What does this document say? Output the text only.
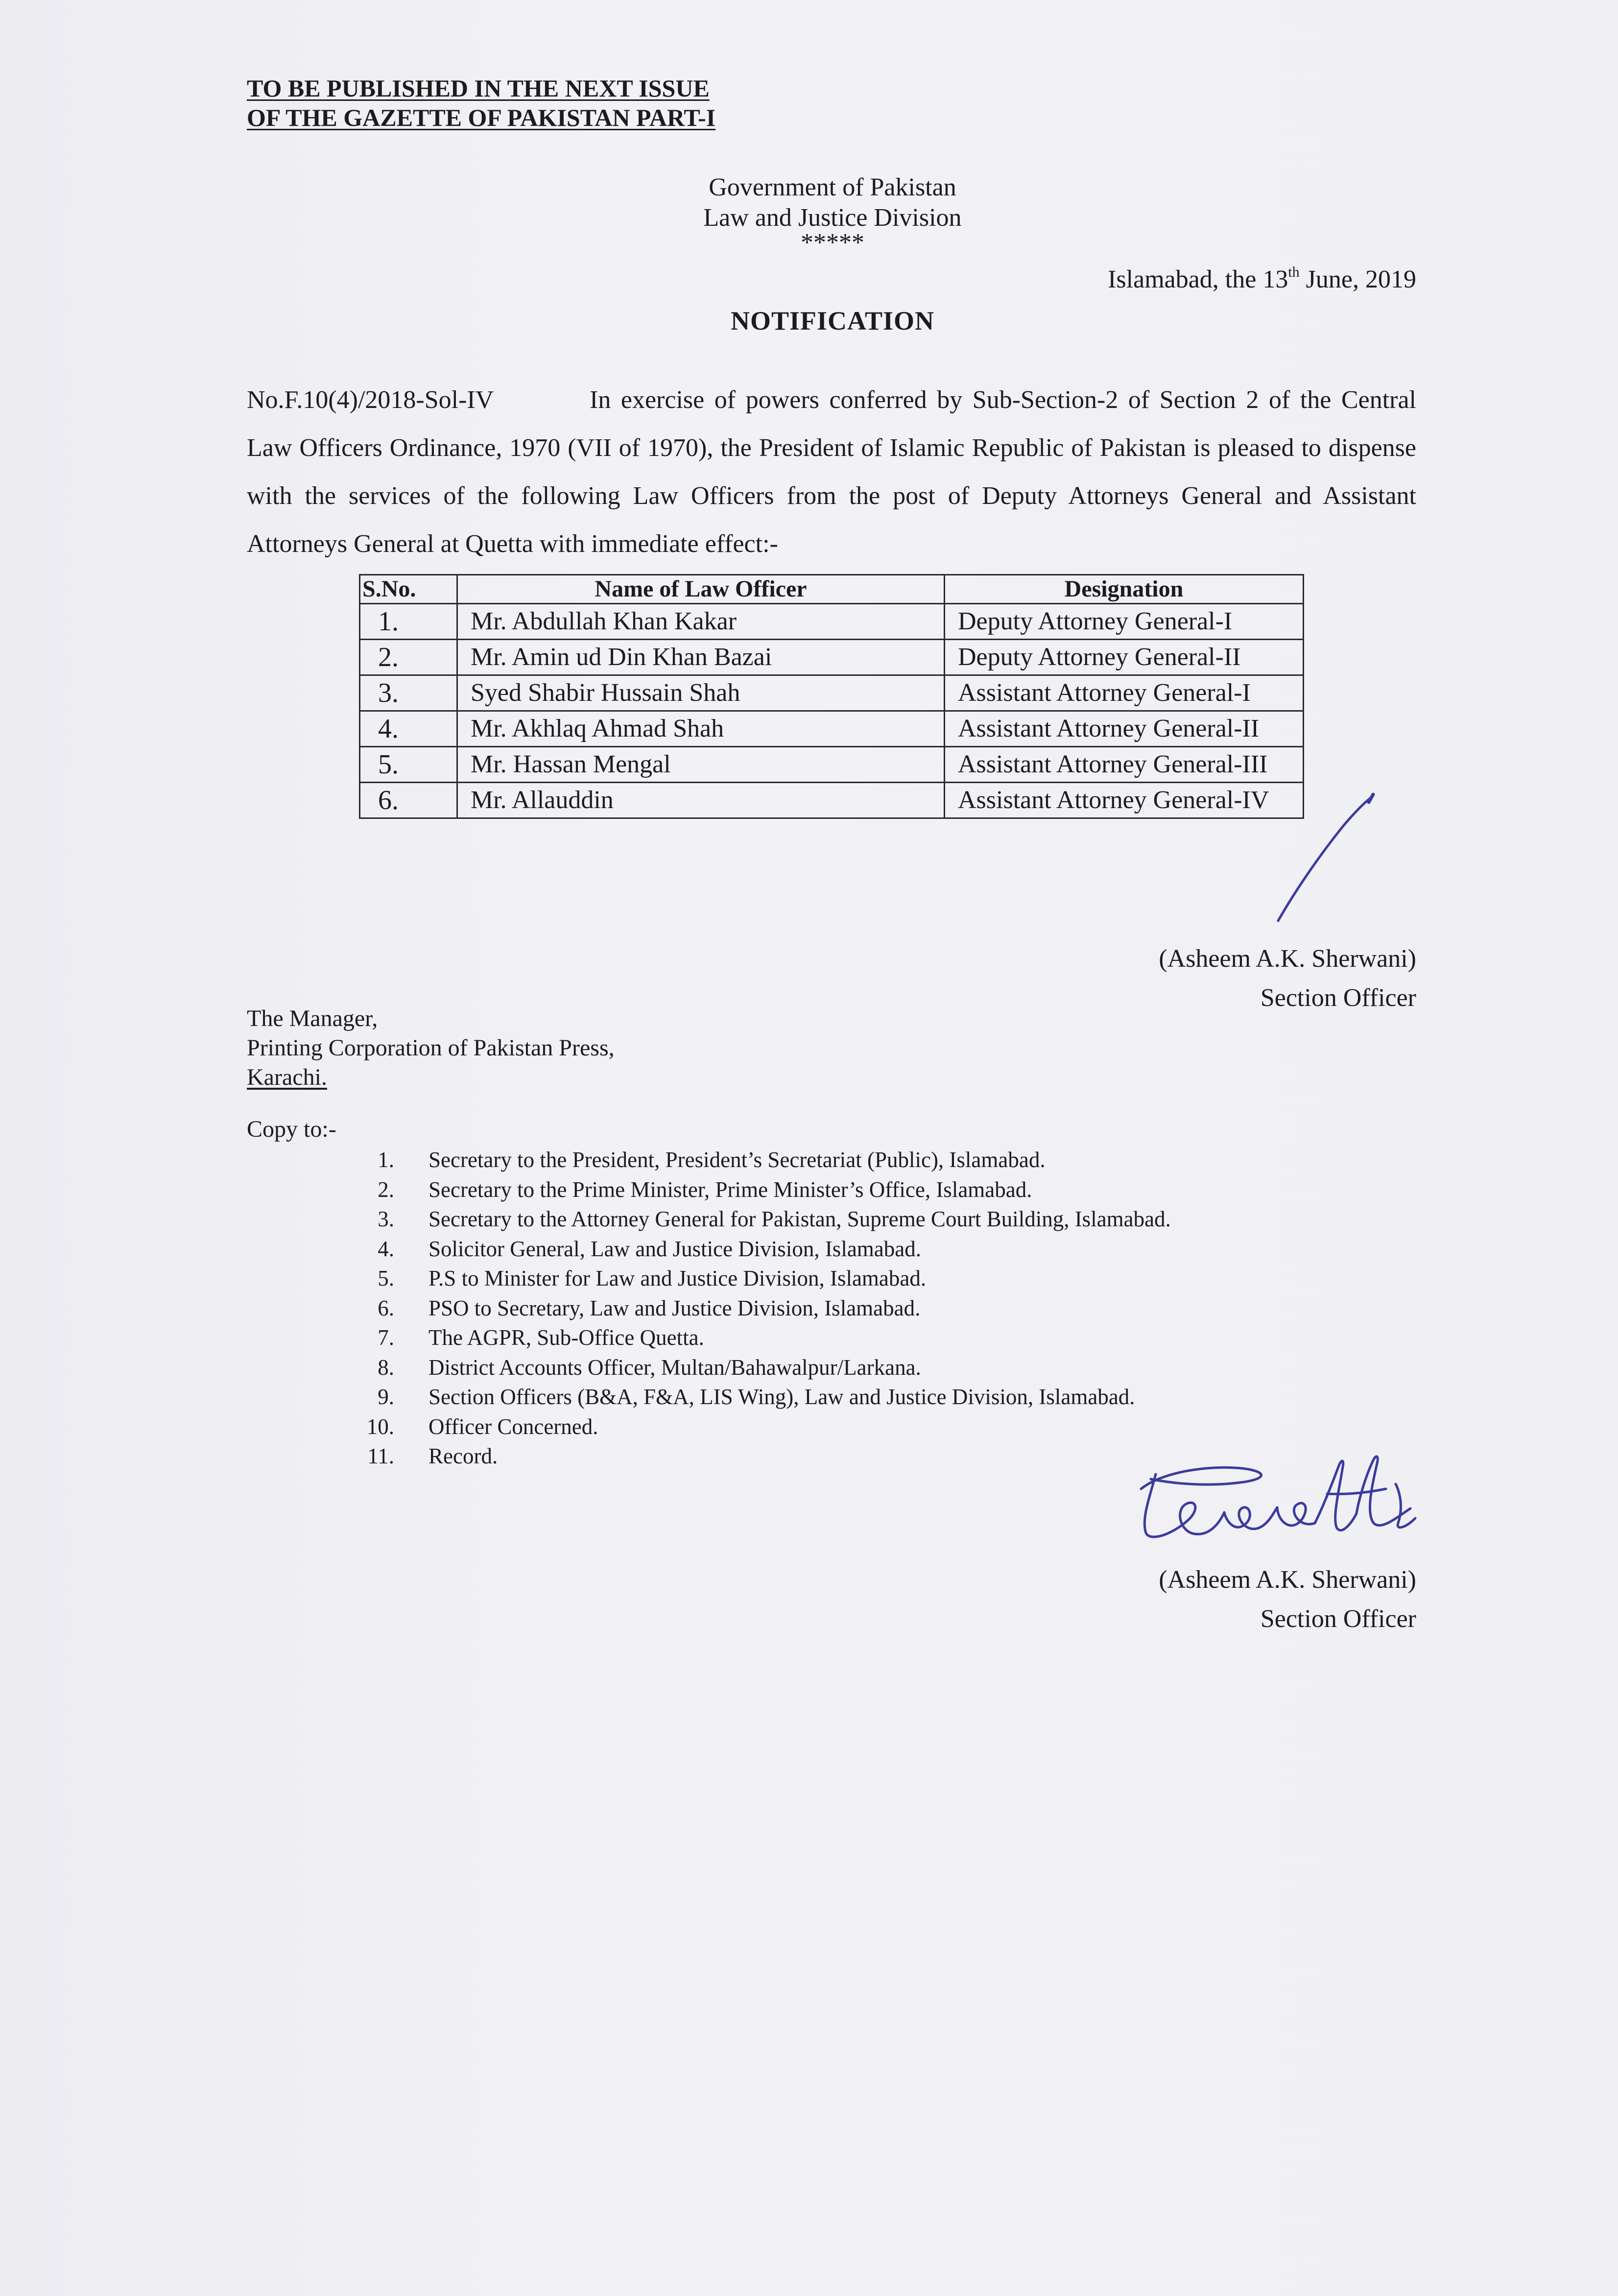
TO BE PUBLISHED IN THE NEXT ISSUE
OF THE GAZETTE OF PAKISTAN PART-I
Government of Pakistan
Law and Justice Division
*****
Islamabad, the 13th June, 2019
NOTIFICATION
No.F.10(4)/2018-Sol-IV	In exercise of powers conferred by Sub-Section-2 of Section 2 of the Central Law Officers Ordinance, 1970 (VII of 1970), the President of Islamic Republic of Pakistan is pleased to dispense with the services of the following Law Officers from the post of Deputy Attorneys General and Assistant Attorneys General at Quetta with immediate effect:-
S.No.	Name of Law Officer	Designation
1.	Mr. Abdullah Khan Kakar	Deputy Attorney General-I
2.	Mr. Amin ud Din Khan Bazai	Deputy Attorney General-II
3.	Syed Shabir Hussain Shah	Assistant Attorney General-I
4.	Mr. Akhlaq Ahmad Shah	Assistant Attorney General-II
5.	Mr. Hassan Mengal	Assistant Attorney General-III
6.	Mr. Allauddin	Assistant Attorney General-IV
(Asheem A.K. Sherwani)
Section Officer
The Manager,
Printing Corporation of Pakistan Press,
Karachi.
Copy to:-
1. Secretary to the President, President’s Secretariat (Public), Islamabad.
2. Secretary to the Prime Minister, Prime Minister’s Office, Islamabad.
3. Secretary to the Attorney General for Pakistan, Supreme Court Building, Islamabad.
4. Solicitor General, Law and Justice Division, Islamabad.
5. P.S to Minister for Law and Justice Division, Islamabad.
6. PSO to Secretary, Law and Justice Division, Islamabad.
7. The AGPR, Sub-Office Quetta.
8. District Accounts Officer, Multan/Bahawalpur/Larkana.
9. Section Officers (B&A, F&A, LIS Wing), Law and Justice Division, Islamabad.
10. Officer Concerned.
11. Record.
(Asheem A.K. Sherwani)
Section Officer
